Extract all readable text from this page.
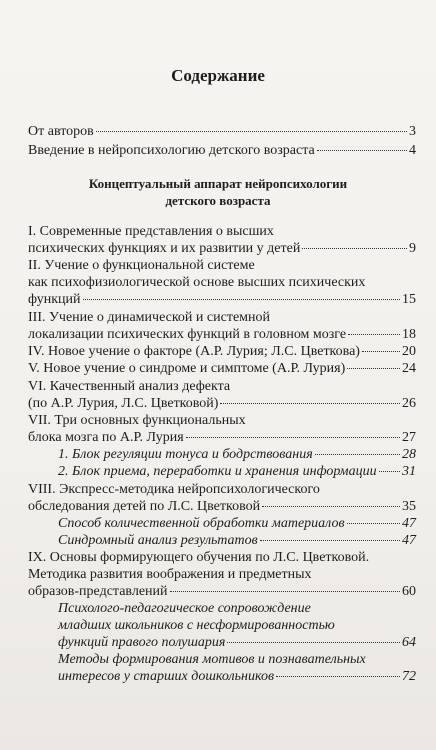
Содержание
От авторов	3
Введение в нейропсихологию детского возраста	4
Концептуальный аппарат нейропсихологии
детского возраста
I. Современные представления о высших
психических функциях и их развитии у детей	9
II. Учение о функциональной системе
как психофизиологической основе высших психических
функций	15
III. Учение о динамической и системной
локализации психических функций в головном мозге	18
IV. Новое учение о факторе (А.Р. Лурия; Л.С. Цветкова)	20
V. Новое учение о синдроме и симптоме (А.Р. Лурия)	24
VI. Качественный анализ дефекта
(по А.Р. Лурия, Л.С. Цветковой)	26
VII. Три основных функциональных
блока мозга по А.Р. Лурия	27
1. Блок регуляции тонуса и бодрствования	28
2. Блок приема, переработки и хранения информации 31
VIII. Экспресс-методика нейропсихологического
обследования детей по Л.С. Цветковой	35
Способ количественной обработки материалов	47
Синдромный анализ результатов	47
IX. Основы формирующего обучения по Л.С. Цветковой.
Методика развития воображения и предметных
образов-представлений	60
Психолого-педагогическое сопровождение
младших школьников с несформированностью
функций правого полушария	64
Методы формирования мотивов и познавательных
интересов у старших дошкольников	72
